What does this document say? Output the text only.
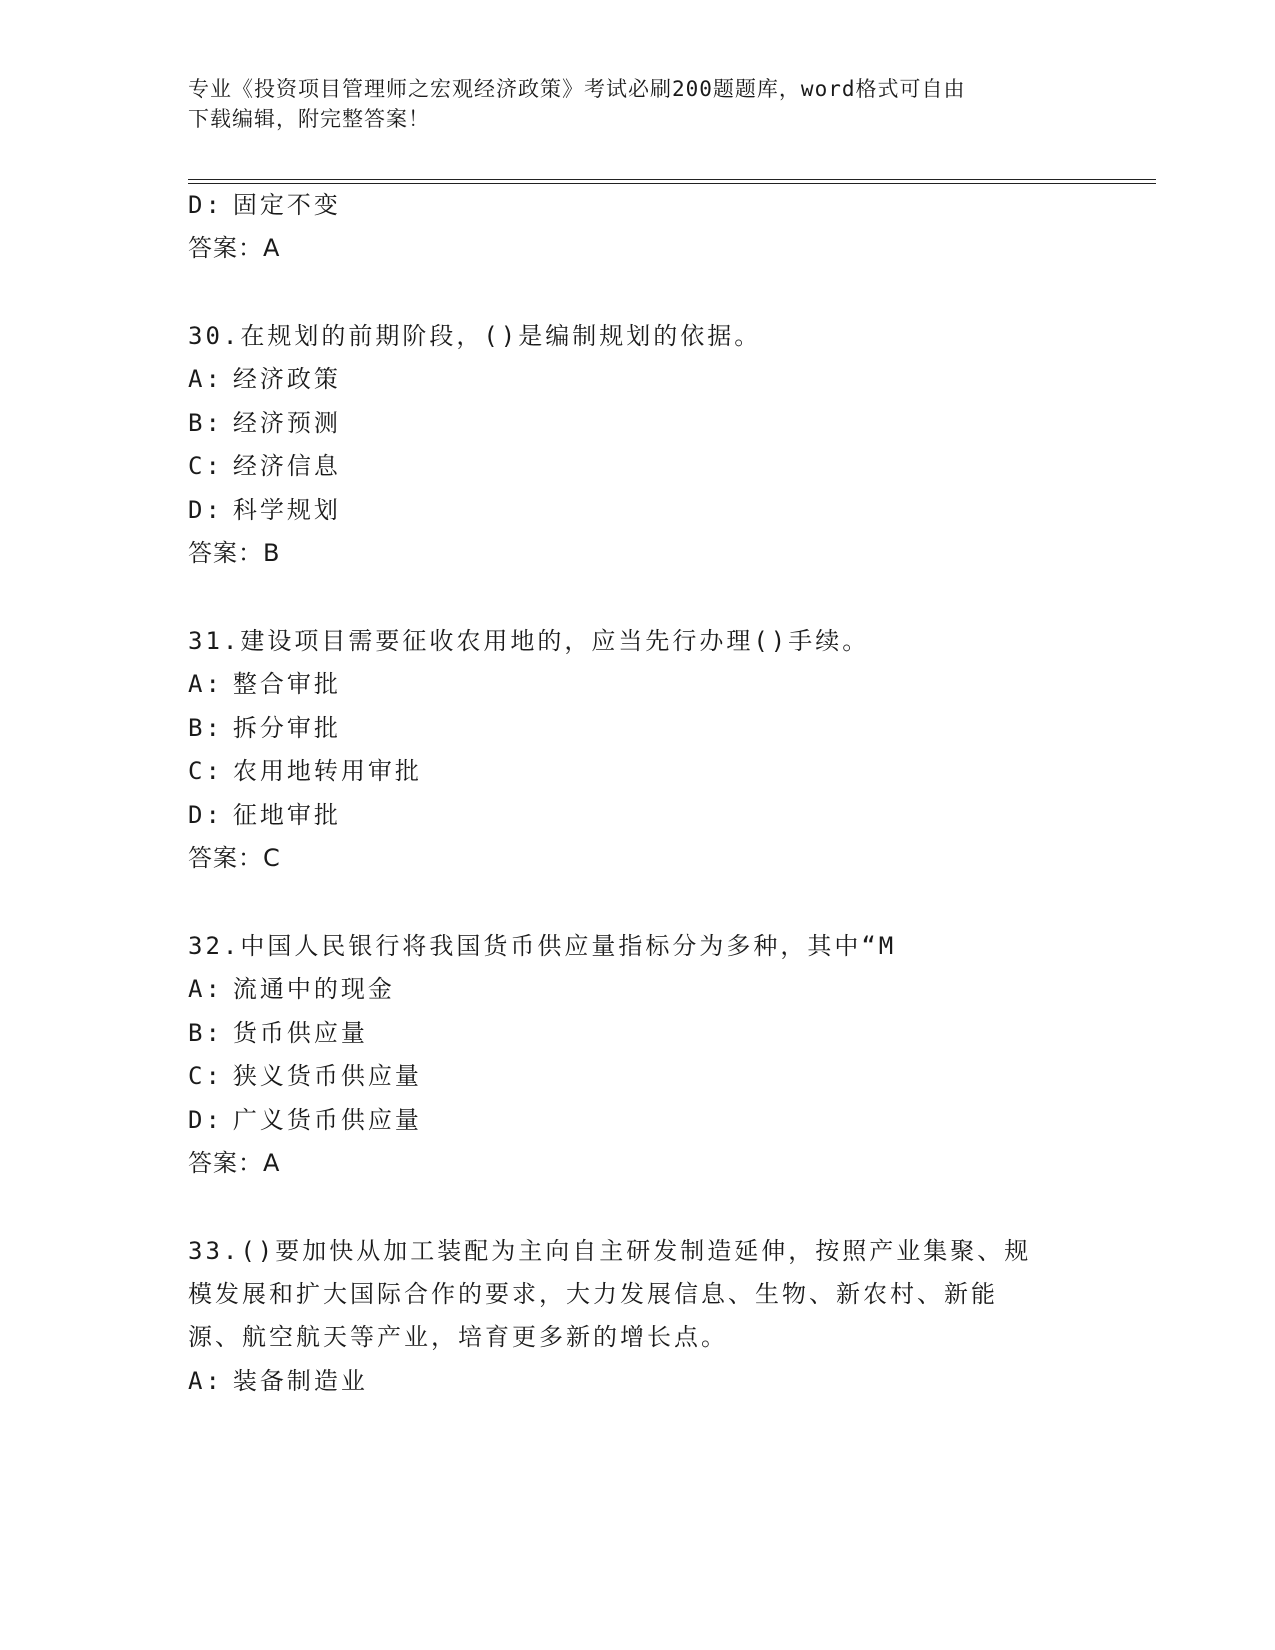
专业《投资项目管理师之宏观经济政策》考试必刷200题题库，word格式可自由
下载编辑，附完整答案！
D: 固定不变
答案：A
30.在规划的前期阶段，()是编制规划的依据。
A: 经济政策
B: 经济预测
C: 经济信息
D: 科学规划
答案：B
31.建设项目需要征收农用地的，应当先行办理()手续。
A: 整合审批
B: 拆分审批
C: 农用地转用审批
D: 征地审批
答案：C
32.中国人民银行将我国货币供应量指标分为多种，其中“M
A: 流通中的现金
B: 货币供应量
C: 狭义货币供应量
D: 广义货币供应量
答案：A
33.()要加快从加工装配为主向自主研发制造延伸，按照产业集聚、规
模发展和扩大国际合作的要求，大力发展信息、生物、新农村、新能
源、航空航天等产业，培育更多新的增长点。
A: 装备制造业
